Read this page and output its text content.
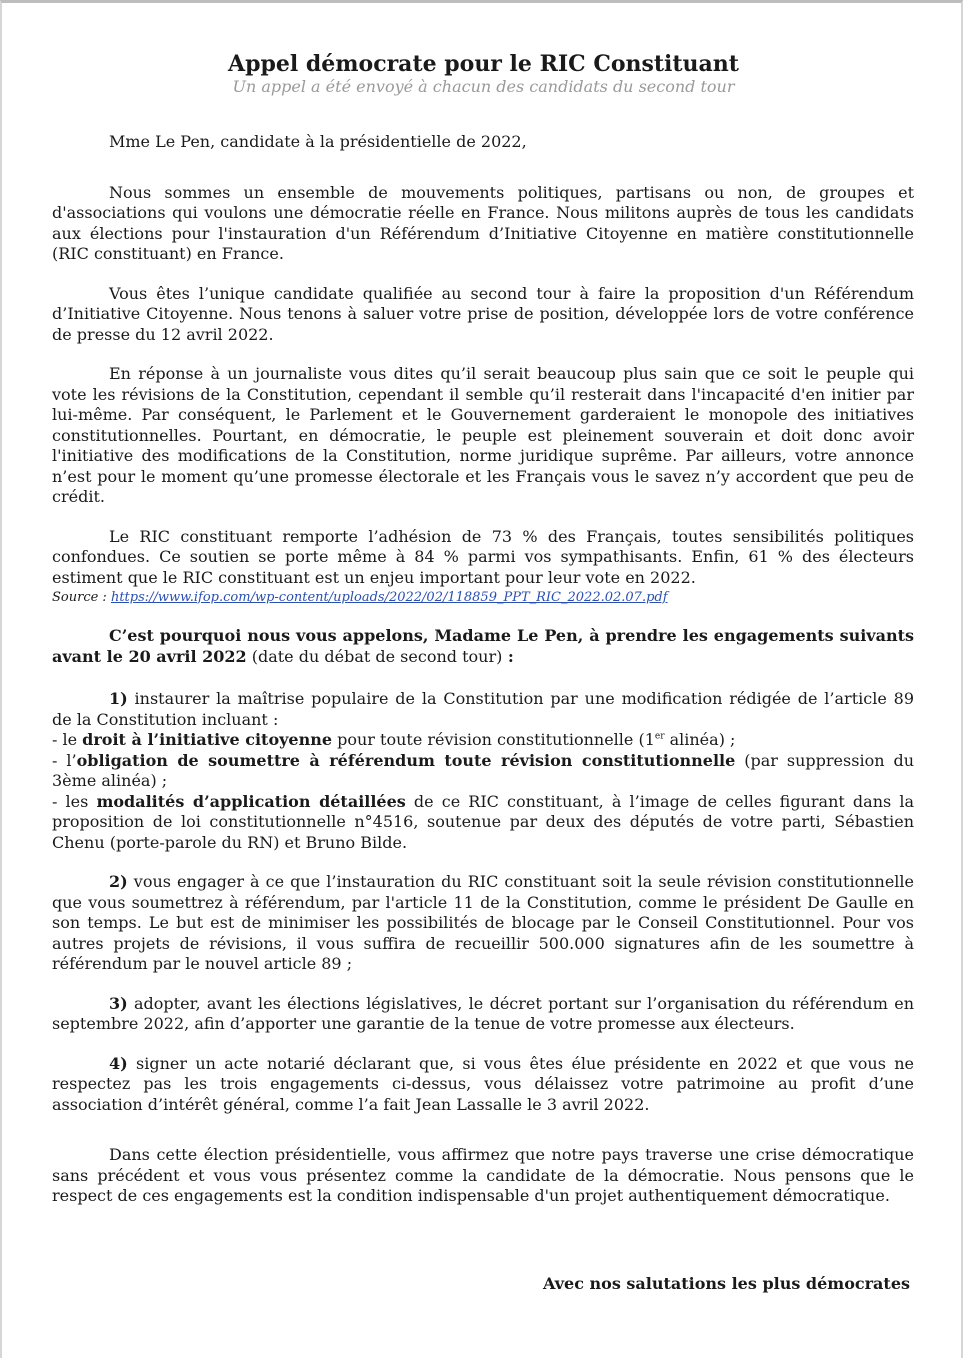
Appel démocrate pour le RIC Constituant
Un appel a été envoyé à chacun des candidats du second tour

Mme Le Pen, candidate à la présidentielle de 2022,

Nous sommes un ensemble de mouvements politiques, partisans ou non, de groupes et d'associations qui voulons une démocratie réelle en France. Nous militons auprès de tous les candidats aux élections pour l'instauration d'un Référendum d’Initiative Citoyenne en matière constitutionnelle (RIC constituant) en France.

Vous êtes l’unique candidate qualifiée au second tour à faire la proposition d'un Référendum d’Initiative Citoyenne. Nous tenons à saluer votre prise de position, développée lors de votre conférence de presse du 12 avril 2022.

En réponse à un journaliste vous dites qu’il serait beaucoup plus sain que ce soit le peuple qui vote les révisions de la Constitution, cependant il semble qu’il resterait dans l'incapacité d'en initier par lui-même. Par conséquent, le Parlement et le Gouvernement garderaient le monopole des initiatives constitutionnelles. Pourtant, en démocratie, le peuple est pleinement souverain et doit donc avoir l'initiative des modifications de la Constitution, norme juridique suprême. Par ailleurs, votre annonce n’est pour le moment qu’une promesse électorale et les Français vous le savez n’y accordent que peu de crédit.

Le RIC constituant remporte l’adhésion de 73 % des Français, toutes sensibilités politiques confondues. Ce soutien se porte même à 84 % parmi vos sympathisants. Enfin, 61 % des électeurs estiment que le RIC constituant est un enjeu important pour leur vote en 2022.

Source : https://www.ifop.com/wp-content/uploads/2022/02/118859_PPT_RIC_2022.02.07.pdf

C’est pourquoi nous vous appelons, Madame Le Pen, à prendre les engagements suivants avant le 20 avril 2022 (date du débat de second tour) :

1) instaurer la maîtrise populaire de la Constitution par une modification rédigée de l’article 89 de la Constitution incluant :

- le droit à l’initiative citoyenne pour toute révision constitutionnelle (1er alinéa) ;

- l’obligation de soumettre à référendum toute révision constitutionnelle (par suppression du 3ème alinéa) ;

- les modalités d’application détaillées de ce RIC constituant, à l’image de celles figurant dans la proposition de loi constitutionnelle n°4516, soutenue par deux des députés de votre parti, Sébastien Chenu (porte-parole du RN) et Bruno Bilde.

2) vous engager à ce que l’instauration du RIC constituant soit la seule révision constitutionnelle que vous soumettrez à référendum, par l'article 11 de la Constitution, comme le président De Gaulle en son temps. Le but est de minimiser les possibilités de blocage par le Conseil Constitutionnel. Pour vos autres projets de révisions, il vous suffira de recueillir 500.000 signatures afin de les soumettre à référendum par le nouvel article 89 ;

3) adopter, avant les élections législatives, le décret portant sur l’organisation du référendum en septembre 2022, afin d’apporter une garantie de la tenue de votre promesse aux électeurs.

4) signer un acte notarié déclarant que, si vous êtes élue présidente en 2022 et que vous ne respectez pas les trois engagements ci-dessus, vous délaissez votre patrimoine au profit d’une association d’intérêt général, comme l’a fait Jean Lassalle le 3 avril 2022.

Dans cette élection présidentielle, vous affirmez que notre pays traverse une crise démocratique sans précédent et vous vous présentez comme la candidate de la démocratie. Nous pensons que le respect de ces engagements est la condition indispensable d'un projet authentiquement démocratique.

Avec nos salutations les plus démocrates
